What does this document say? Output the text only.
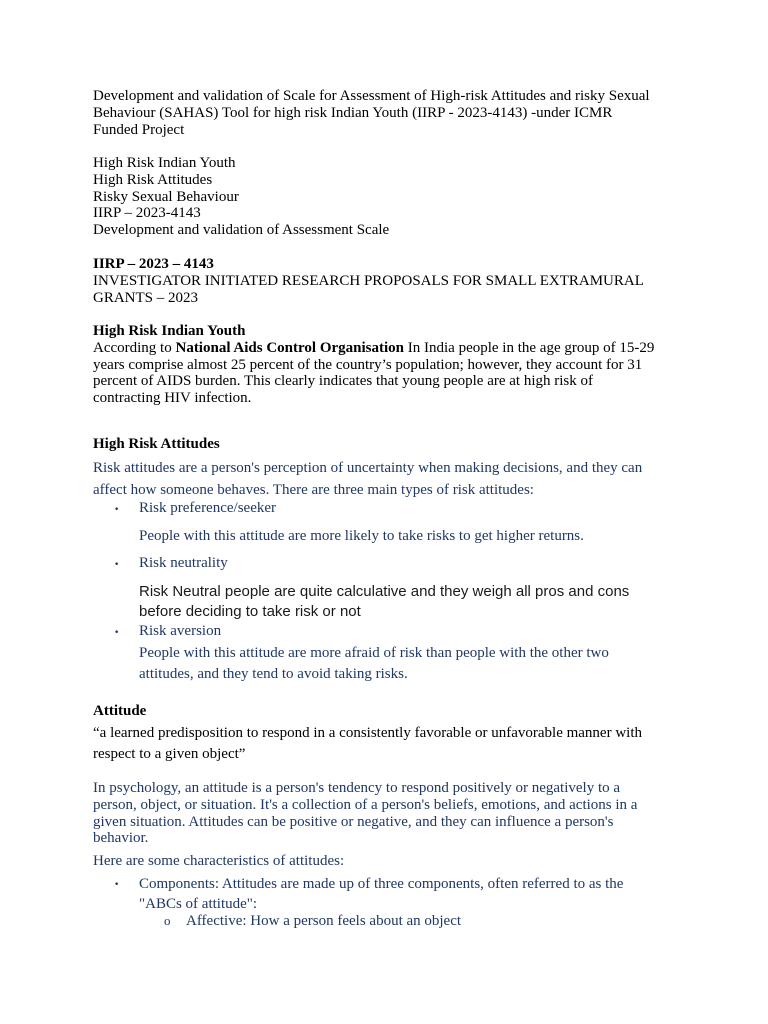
Development and validation of Scale for Assessment of High-risk Attitudes and risky Sexual
Behaviour (SAHAS) Tool for high risk Indian Youth (IIRP - 2023-4143) -under ICMR
Funded Project
High Risk Indian Youth
High Risk Attitudes
Risky Sexual Behaviour
IIRP – 2023-4143
Development and validation of Assessment Scale
IIRP – 2023 – 4143
INVESTIGATOR INITIATED RESEARCH PROPOSALS FOR SMALL EXTRAMURAL
GRANTS – 2023
High Risk Indian Youth
According to National Aids Control Organisation In India people in the age group of 15-29
years comprise almost 25 percent of the country’s population; however, they account for 31
percent of AIDS burden. This clearly indicates that young people are at high risk of
contracting HIV infection.
High Risk Attitudes
Risk attitudes are a person's perception of uncertainty when making decisions, and they can
affect how someone behaves. There are three main types of risk attitudes:
• Risk preference/seeker
People with this attitude are more likely to take risks to get higher returns.
• Risk neutrality
Risk Neutral people are quite calculative and they weigh all pros and cons
before deciding to take risk or not
• Risk aversion
People with this attitude are more afraid of risk than people with the other two
attitudes, and they tend to avoid taking risks.
Attitude
“a learned predisposition to respond in a consistently favorable or unfavorable manner with
respect to a given object”
In psychology, an attitude is a person's tendency to respond positively or negatively to a
person, object, or situation. It's a collection of a person's beliefs, emotions, and actions in a
given situation. Attitudes can be positive or negative, and they can influence a person's
behavior.
Here are some characteristics of attitudes:
• Components: Attitudes are made up of three components, often referred to as the
"ABCs of attitude":
o Affective: How a person feels about an object
